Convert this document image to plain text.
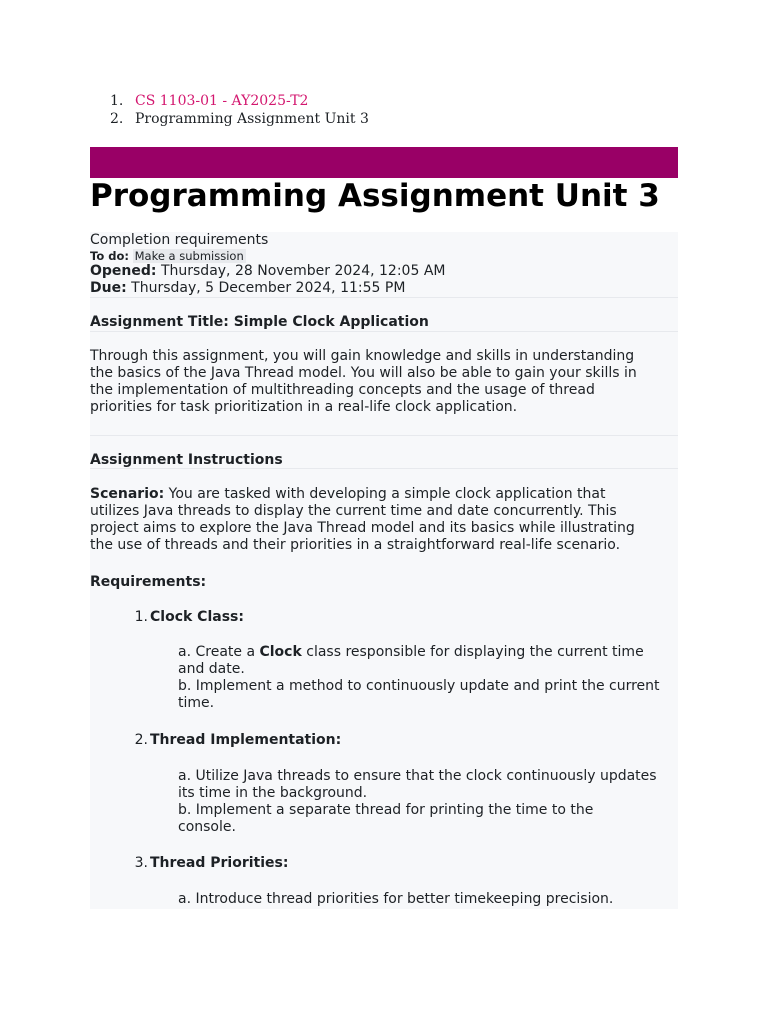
1. CS 1103-01 - AY2025-T2
2. Programming Assignment Unit 3
Programming Assignment Unit 3
Completion requirements
To do: Make a submission
Opened: Thursday, 28 November 2024, 12:05 AM
Due: Thursday, 5 December 2024, 11:55 PM
Assignment Title: Simple Clock Application
Through this assignment, you will gain knowledge and skills in understanding
the basics of the Java Thread model. You will also be able to gain your skills in
the implementation of multithreading concepts and the usage of thread
priorities for task prioritization in a real-life clock application.
Assignment Instructions
Scenario: You are tasked with developing a simple clock application that
utilizes Java threads to display the current time and date concurrently. This
project aims to explore the Java Thread model and its basics while illustrating
the use of threads and their priorities in a straightforward real-life scenario.
Requirements:
1. Clock Class:
a. Create a Clock class responsible for displaying the current time
and date.
b. Implement a method to continuously update and print the current
time.
2. Thread Implementation:
a. Utilize Java threads to ensure that the clock continuously updates
its time in the background.
b. Implement a separate thread for printing the time to the
console.
3. Thread Priorities:
a. Introduce thread priorities for better timekeeping precision.
